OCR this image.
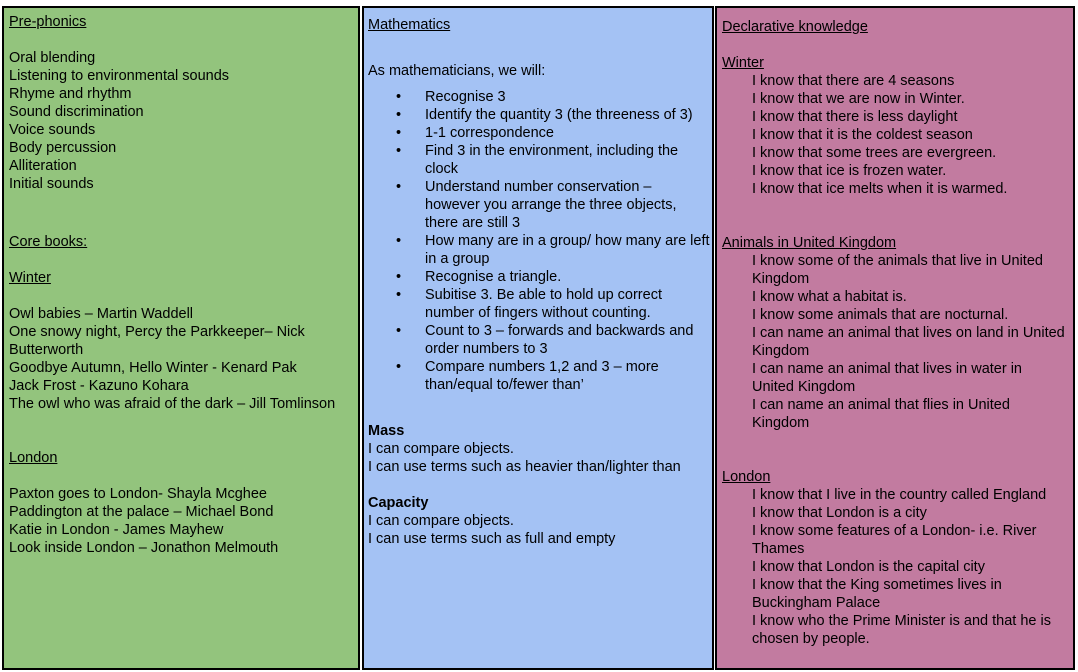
Pre-phonics

Oral blending

Listening to environmental sounds

Rhyme and rhythm

Sound discrimination

Voice sounds

Body percussion

Alliteration

Initial sounds

Core books:

Winter

Owl babies – Martin Waddell

One snowy night, Percy the Parkkeeper– Nick Butterworth

Goodbye Autumn, Hello Winter - Kenard Pak

Jack Frost - Kazuno Kohara

The owl who was afraid of the dark – Jill Tomlinson

London

Paxton goes to London- Shayla Mcghee

Paddington at the palace – Michael Bond

Katie in London - James Mayhew

Look inside London – Jonathon Melmouth

Mathematics

As mathematicians, we will:

• Recognise 3
• Identify the quantity 3 (the threeness of 3)
• 1-1 correspondence
• Find 3 in the environment, including the clock
• Understand number conservation – however you arrange the three objects, there are still 3
• How many are in a group/ how many are left in a group
• Recognise a triangle.
• Subitise 3. Be able to hold up correct number of fingers without counting.
• Count to 3 – forwards and backwards and order numbers to 3
• Compare numbers 1,2 and 3 – more than/equal to/fewer than’

Mass

I can compare objects.

I can use terms such as heavier than/lighter than

Capacity

I can compare objects.

I can use terms such as full and empty

Declarative knowledge

Winter

I know that there are 4 seasons

I know that we are now in Winter.

I know that there is less daylight

I know that it is the coldest season

I know that some trees are evergreen.

I know that ice is frozen water.

I know that ice melts when it is warmed.

Animals in United Kingdom

I know some of the animals that live in United Kingdom

I know what a habitat is.

I know some animals that are nocturnal.

I can name an animal that lives on land in United Kingdom

I can name an animal that lives in water in United Kingdom

I can name an animal that flies in United Kingdom

London

I know that I live in the country called England

I know that London is a city

I know some features of a London- i.e. River Thames

I know that London is the capital city

I know that the King sometimes lives in Buckingham Palace

I know who the Prime Minister is and that he is chosen by people.
